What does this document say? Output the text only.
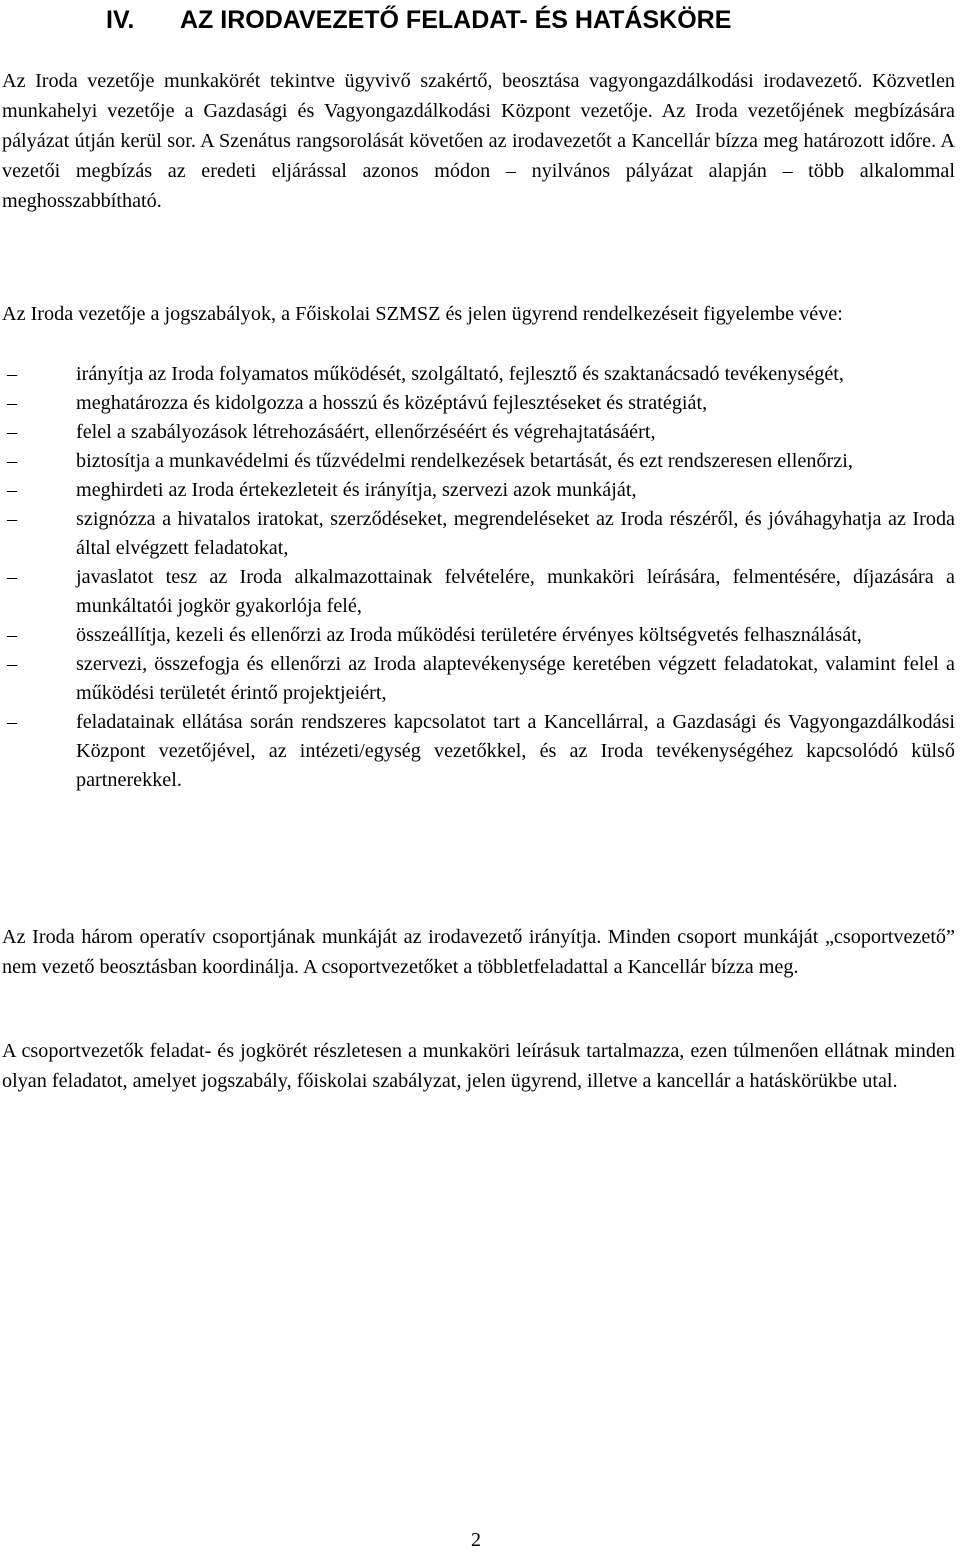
IV. AZ IRODAVEZETŐ FELADAT- ÉS HATÁSKÖRE

Az Iroda vezetője munkakörét tekintve ügyvivő szakértő, beosztása vagyongazdálkodási irodavezető. Közvetlen munkahelyi vezetője a Gazdasági és Vagyongazdálkodási Központ vezetője. Az Iroda vezetőjének megbízására pályázat útján kerül sor. A Szenátus rangsorolását követően az irodavezetőt a Kancellár bízza meg határozott időre. A vezetői megbízás az eredeti eljárással azonos módon – nyilvános pályázat alapján – több alkalommal meghosszabbítható.

Az Iroda vezetője a jogszabályok, a Főiskolai SZMSZ és jelen ügyrend rendelkezéseit figyelembe véve:

–	irányítja az Iroda folyamatos működését, szolgáltató, fejlesztő és szaktanácsadó tevékenységét,
–	meghatározza és kidolgozza a hosszú és középtávú fejlesztéseket és stratégiát,
–	felel a szabályozások létrehozásáért, ellenőrzéséért és végrehajtatásáért,
–	biztosítja a munkavédelmi és tűzvédelmi rendelkezések betartását, és ezt rendszeresen ellenőrzi,
–	meghirdeti az Iroda értekezleteit és irányítja, szervezi azok munkáját,
–	szignózza a hivatalos iratokat, szerződéseket, megrendeléseket az Iroda részéről, és jóváhagyhatja az Iroda által elvégzett feladatokat,
–	javaslatot tesz az Iroda alkalmazottainak felvételére, munkaköri leírására, felmentésére, díjazására a munkáltatói jogkör gyakorlója felé,
–	összeállítja, kezeli és ellenőrzi az Iroda működési területére érvényes költségvetés felhasználását,
–	szervezi, összefogja és ellenőrzi az Iroda alaptevékenysége keretében végzett feladatokat, valamint felel a működési területét érintő projektjeiért,
–	feladatainak ellátása során rendszeres kapcsolatot tart a Kancellárral, a Gazdasági és Vagyongazdálkodási Központ vezetőjével, az intézeti/egység vezetőkkel, és az Iroda tevékenységéhez kapcsolódó külső partnerekkel.

Az Iroda három operatív csoportjának munkáját az irodavezető irányítja. Minden csoport munkáját „csoportvezető” nem vezető beosztásban koordinálja. A csoportvezetőket a többletfeladattal a Kancellár bízza meg.

A csoportvezetők feladat- és jogkörét részletesen a munkaköri leírásuk tartalmazza, ezen túlmenően ellátnak minden olyan feladatot, amelyet jogszabály, főiskolai szabályzat, jelen ügyrend, illetve a kancellár a hatáskörükbe utal.

2
